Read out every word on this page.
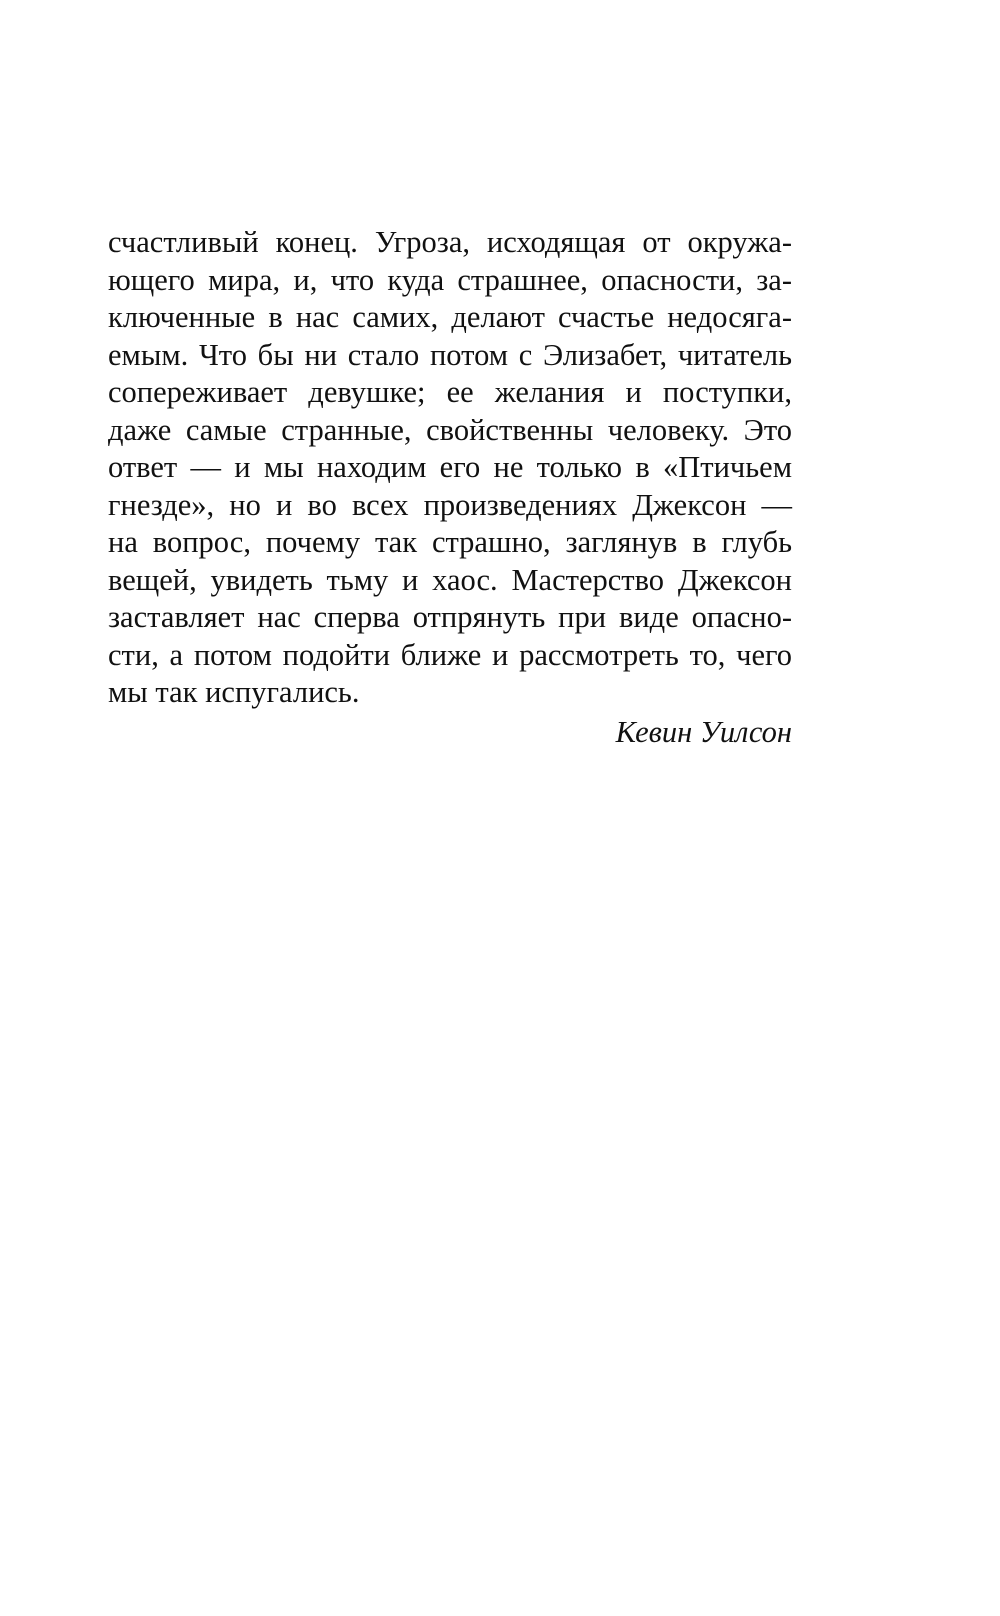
счастливый конец. Угроза, исходящая от окружа-
ющего мира, и, что куда страшнее, опасности, за-
ключенные в нас самих, делают счастье недосяга-
емым. Что бы ни стало потом с Элизабет, читатель
сопереживает девушке; ее желания и поступки,
даже самые странные, свойственны человеку. Это
ответ — и мы находим его не только в «Птичьем
гнезде», но и во всех произведениях Джексон —
на вопрос, почему так страшно, заглянув в глубь
вещей, увидеть тьму и хаос. Мастерство Джексон
заставляет нас сперва отпрянуть при виде опасно-
сти, а потом подойти ближе и рассмотреть то, чего
мы так испугались.
Кевин Уилсон
